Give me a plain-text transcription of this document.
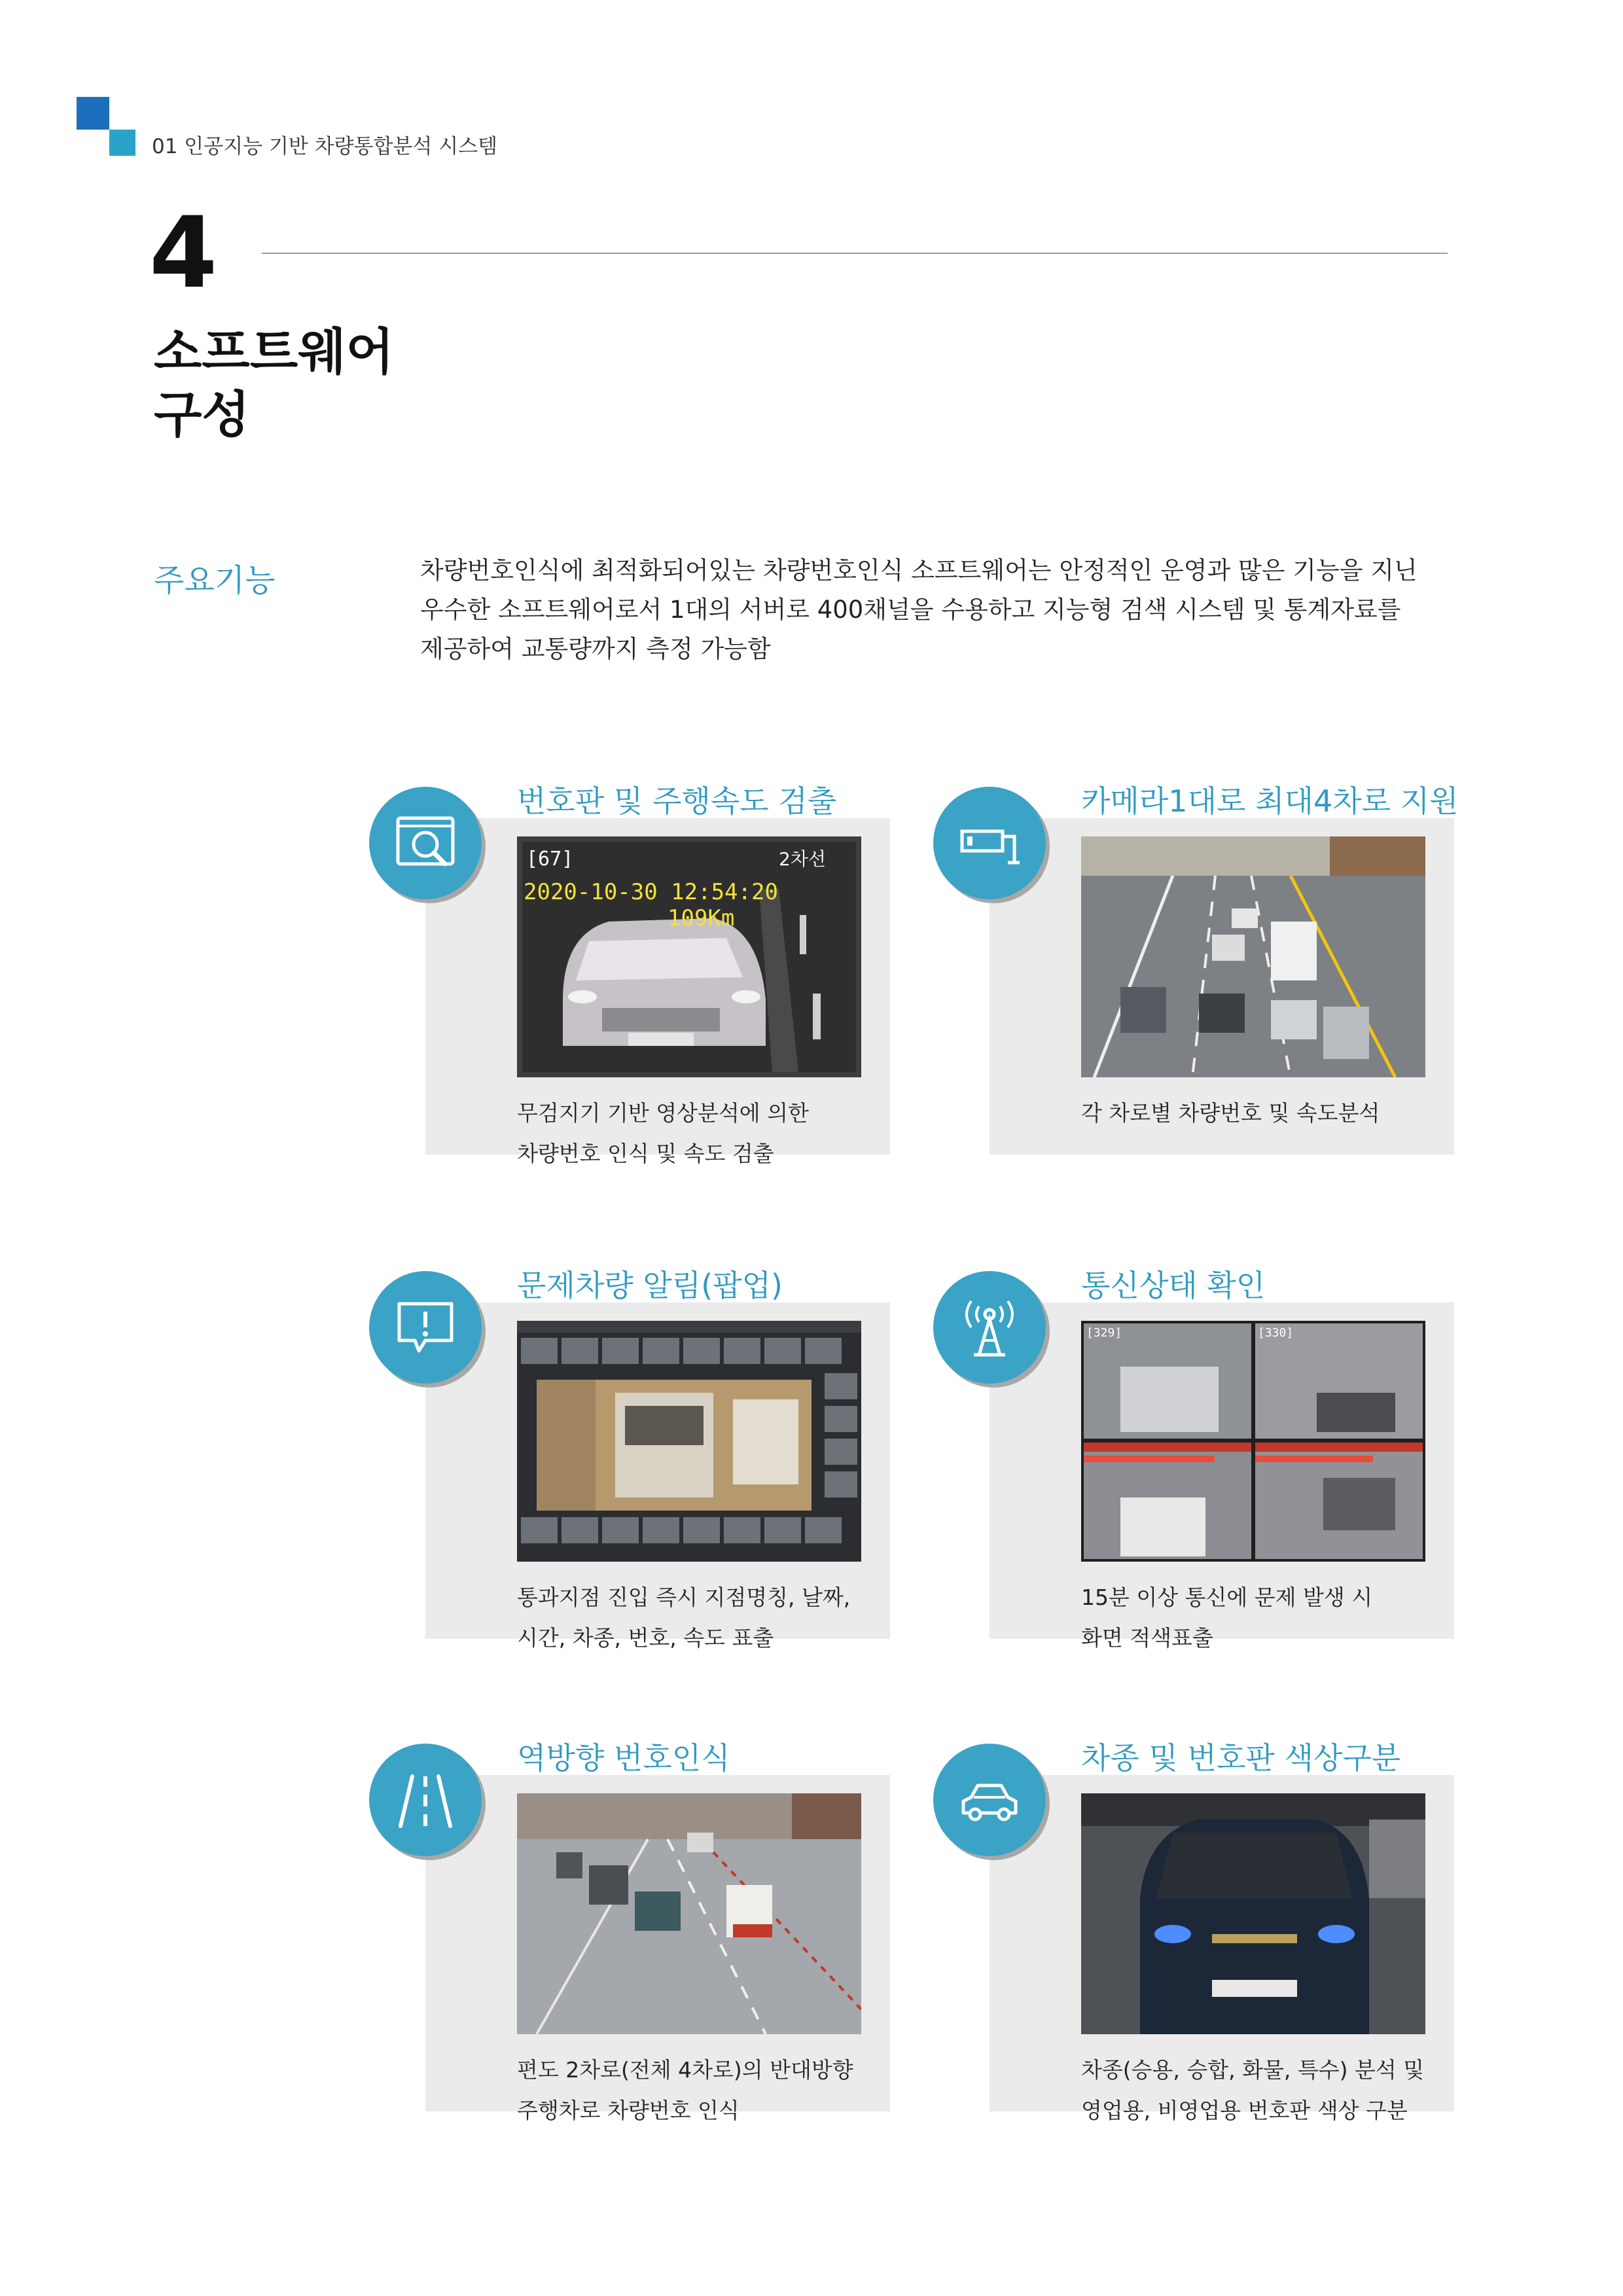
01 인공지능 기반 차량통합분석 시스템
4
소프트웨어
구성
주요기능	차량번호인식에 최적화되어있는 차량번호인식 소프트웨어는 안정적인 운영과 많은 기능을 지닌
우수한 소프트웨어로서 1대의 서버로 400채널을 수용하고 지능형 검색 시스템 및 통계자료를
제공하여 교통량까지 측정 가능함
번호판 및 주행속도 검출
[67]	2차선
2020-10-30 12:54:20
109Km
무검지기 기반 영상분석에 의한
차량번호 인식 및 속도 검출
카메라1대로 최대4차로 지원
각 차로별 차량번호 및 속도분석
문제차량 알림(팝업)
통과지점 진입 즉시 지점명칭, 날짜,
시간, 차종, 번호, 속도 표출
통신상태 확인
[329]	[330]
15분 이상 통신에 문제 발생 시
화면 적색표출
역방향 번호인식
편도 2차로(전체 4차로)의 반대방향
주행차로 차량번호 인식
차종 및 번호판 색상구분
차종(승용, 승합, 화물, 특수) 분석 및
영업용, 비영업용 번호판 색상 구분
